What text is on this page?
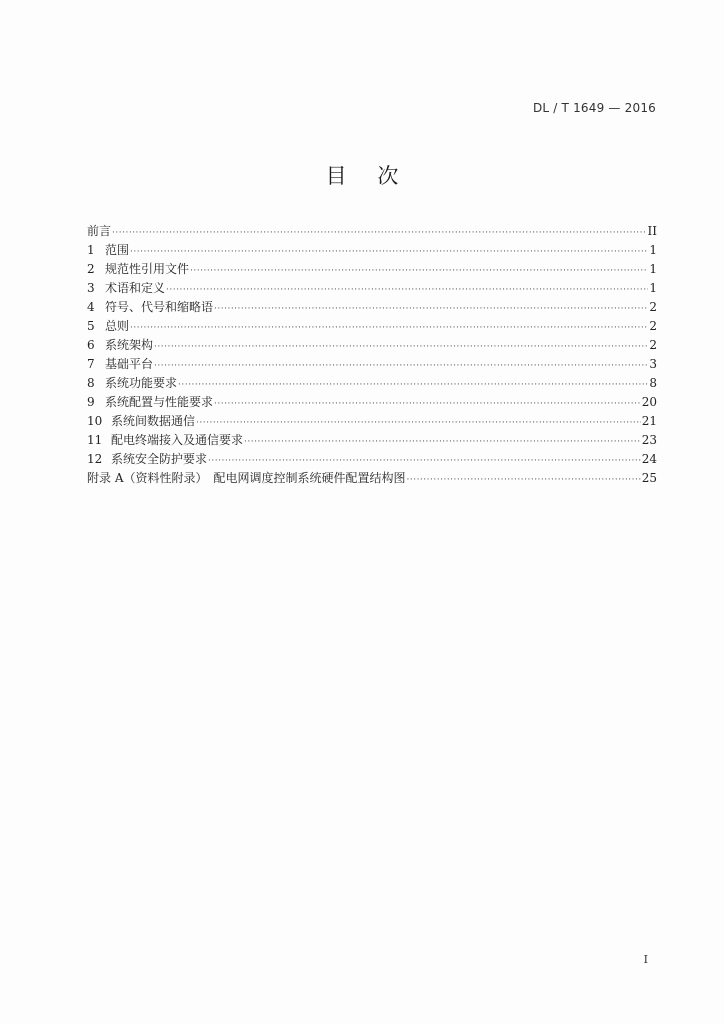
DL / T 1649 — 2016
目 次
前言 ·····	II
1 范围 ·····	1
2 规范性引用文件 ·····	1
3 术语和定义 ·····	1
4 符号、代号和缩略语 ·····	2
5 总则 ·····	2
6 系统架构 ·····	2
7 基础平台 ·····	3
8 系统功能要求 ·····	8
9 系统配置与性能要求 ·····	20
10 系统间数据通信 ·····	21
11 配电终端接入及通信要求 ·····	23
12 系统安全防护要求 ·····	24
附录 A（资料性附录）　配电网调度控制系统硬件配置结构图 ·····	25
I
